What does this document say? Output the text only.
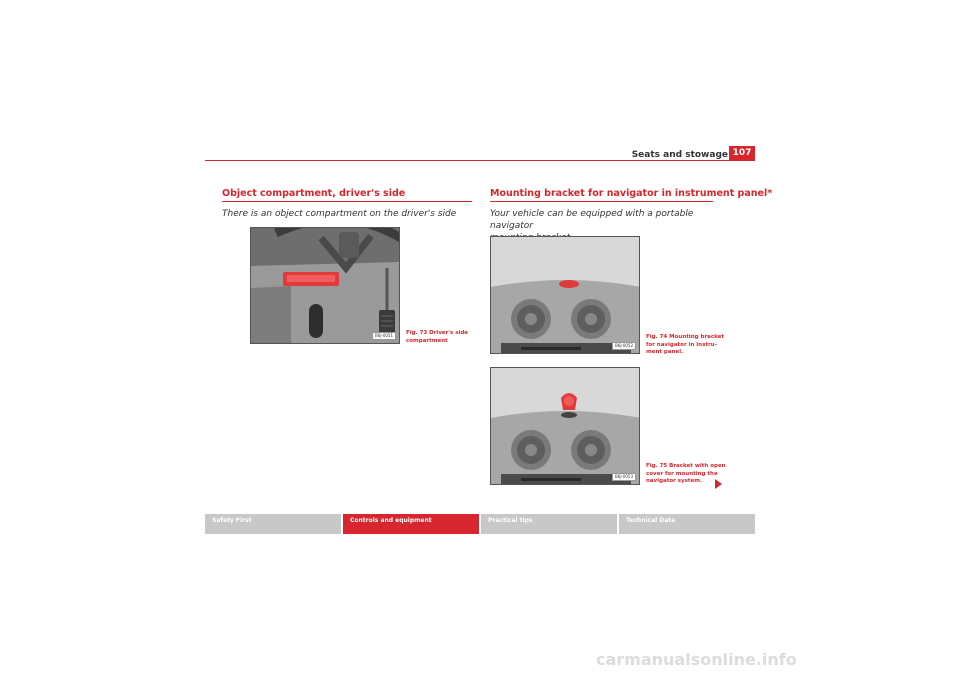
Seats and stowage 107
Object compartment, driver's side
There is an object compartment on the driver's side
B6J-0051	Fig. 73 Driver's side
compartment
Mounting bracket for navigator in instrument panel*
Your vehicle can be equipped with a portable navigator
B6J-0052
Fig. 74 Mounting bracket
for navigator in instru-
ment panel.
B6J-0053
Fig. 75 Bracket with open
cover for mounting the
navigator system.
Safety First	Controls and equipment	Practical tips	Technical Data
carmanualsonline.info
